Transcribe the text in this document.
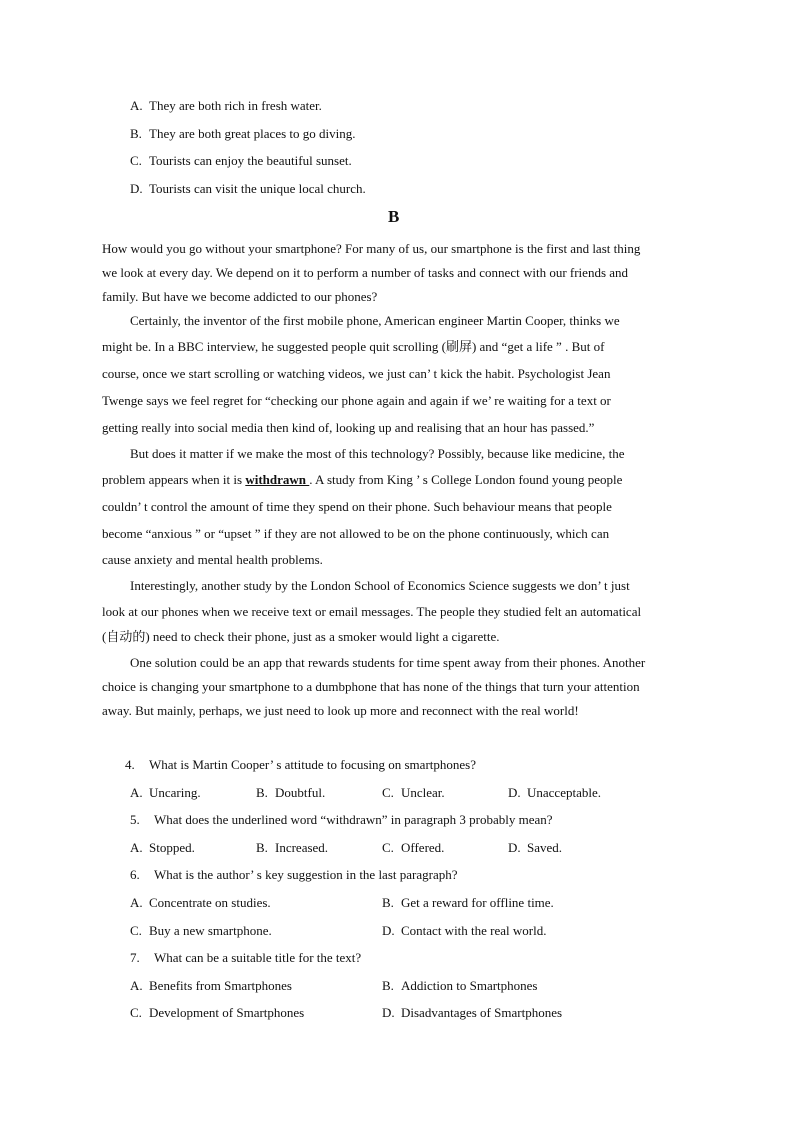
A. They are both rich in fresh water.
B. They are both great places to go diving.
C. Tourists can enjoy the beautiful sunset.
D. Tourists can visit the unique local church.
B
How would you go without your smartphone? For many of us, our smartphone is the first and last thing
we look at every day. We depend on it to perform a number of tasks and connect with our friends and
family. But have we become addicted to our phones?
Certainly, the inventor of the first mobile phone, American engineer Martin Cooper, thinks we
might be. In a BBC interview, he suggested people quit scrolling (刷屏) and “get a life ” . But of
course, once we start scrolling or watching videos, we just can’ t kick the habit. Psychologist Jean
Twenge says we feel regret for “checking our phone again and again if we’ re waiting for a text or
getting really into social media then kind of, looking up and realising that an hour has passed.”
But does it matter if we make the most of this technology? Possibly, because like medicine, the
problem appears when it is withdrawn . A study from King ’ s College London found young people
couldn’ t control the amount of time they spend on their phone. Such behaviour means that people
become “anxious ” or “upset ” if they are not allowed to be on the phone continuously, which can
cause anxiety and mental health problems.
Interestingly, another study by the London School of Economics Science suggests we don’ t just
look at our phones when we receive text or email messages. The people they studied felt an automatical
(自动的) need to check their phone, just as a smoker would light a cigarette.
One solution could be an app that rewards students for time spent away from their phones. Another
choice is changing your smartphone to a dumbphone that has none of the things that turn your attention
away. But mainly, perhaps, we just need to look up more and reconnect with the real world!
4. What is Martin Cooper’ s attitude to focusing on smartphones?
A. Uncaring.	B. Doubtful.	C. Unclear.	D. Unacceptable.
5. What does the underlined word “withdrawn” in paragraph 3 probably mean?
A. Stopped.	B. Increased.	C. Offered.	D. Saved.
6. What is the author’ s key suggestion in the last paragraph?
A. Concentrate on studies.	B. Get a reward for offline time.
C. Buy a new smartphone.	D. Contact with the real world.
7. What can be a suitable title for the text?
A. Benefits from Smartphones	B. Addiction to Smartphones
C. Development of Smartphones	D. Disadvantages of Smartphones
